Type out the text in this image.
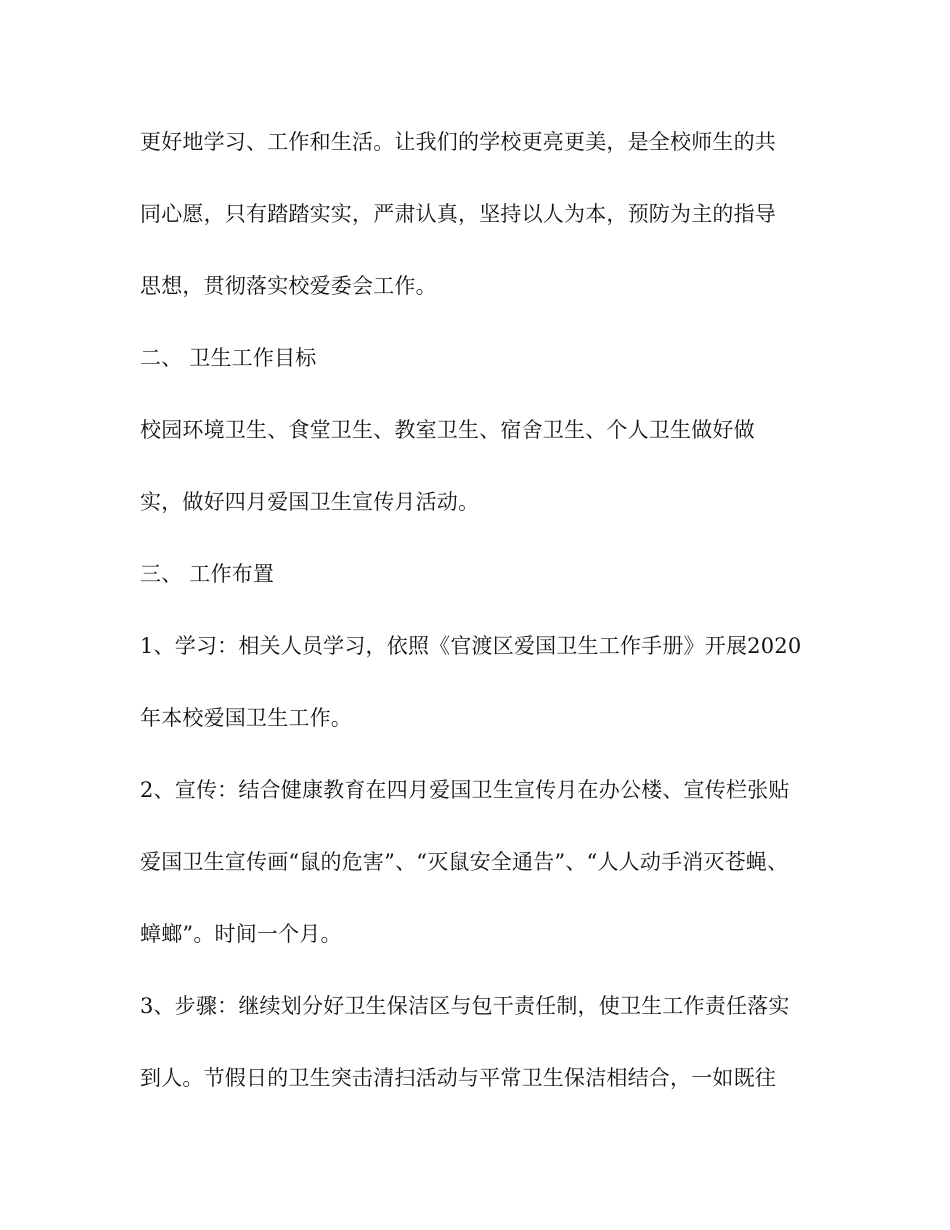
更好地学习、工作和生活。让我们的学校更亮更美，是全校师生的共

同心愿，只有踏踏实实，严肃认真，坚持以人为本，预防为主的指导

思想，贯彻落实校爱委会工作。

二、 卫生工作目标

校园环境卫生、食堂卫生、教室卫生、宿舍卫生、个人卫生做好做

实，做好四月爱国卫生宣传月活动。

三、 工作布置

1、学习：相关人员学习，依照《官渡区爱国卫生工作手册》开展2020

年本校爱国卫生工作。

2、宣传：结合健康教育在四月爱国卫生宣传月在办公楼、宣传栏张贴

爱国卫生宣传画“鼠的危害”、“灭鼠安全通告”、“人人动手消灭苍蝇、

蟑螂”。时间一个月。

3、步骤：继续划分好卫生保洁区与包干责任制，使卫生工作责任落实

到人。节假日的卫生突击清扫活动与平常卫生保洁相结合，一如既往
